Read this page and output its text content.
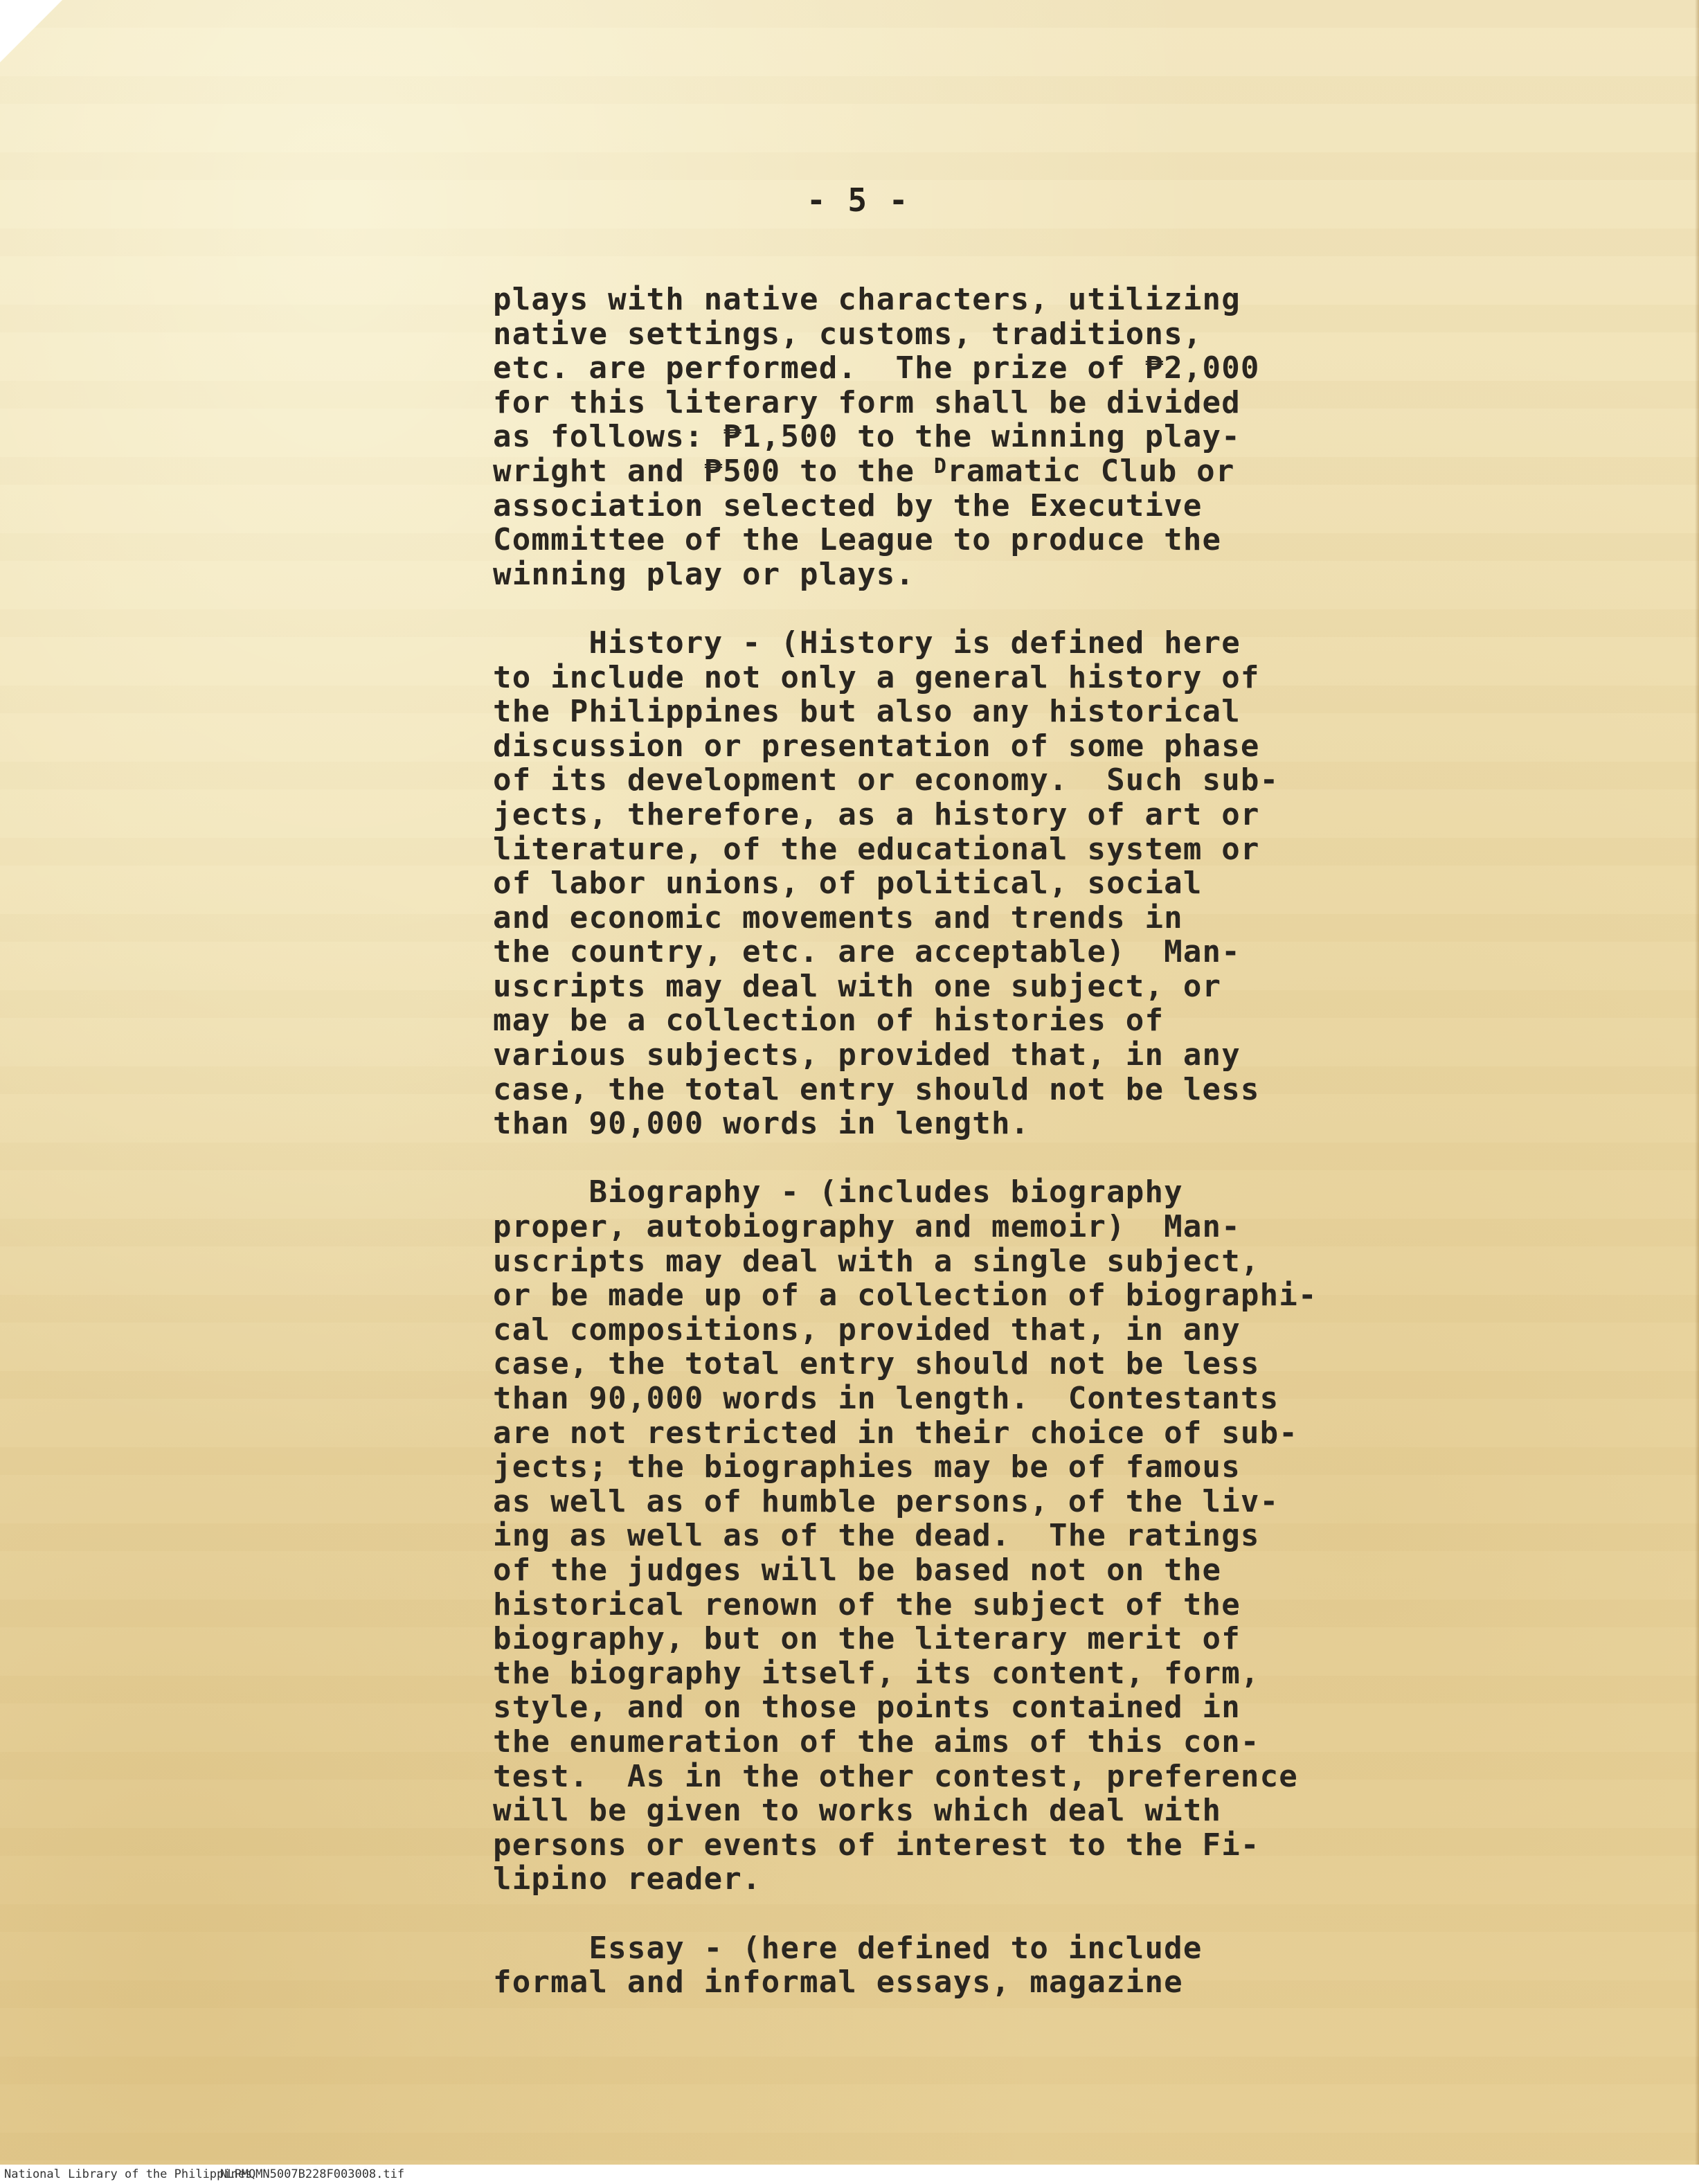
- 5 -
plays with native characters, utilizing
native settings, customs, traditions,
etc. are performed.  The prize of ₱2,000
for this literary form shall be divided
as follows: ₱1,500 to the winning play-
wright and ₱500 to the $^D$ramatic Club or
association selected by the Executive
Committee of the League to produce the
winning play or plays.
History - (History is defined here
to include not only a general history of
the Philippines but also any historical
discussion or presentation of some phase
of its development or economy.  Such sub-
jects, therefore, as a history of art or
literature, of the educational system or
of labor unions, of political, social
and economic movements and trends in
the country, etc. are acceptable)  Man-
uscripts may deal with one subject, or
may be a collection of histories of
various subjects, provided that, in any
case, the total entry should not be less
than 90,000 words in length.
Biography - (includes biography
proper, autobiography and memoir)  Man-
uscripts may deal with a single subject,
or be made up of a collection of biographi-
cal compositions, provided that, in any
case, the total entry should not be less
than 90,000 words in length.  Contestants
are not restricted in their choice of sub-
jects; the biographies may be of famous
as well as of humble persons, of the liv-
ing as well as of the dead.  The ratings
of the judges will be based not on the
historical renown of the subject of the
biography, but on the literary merit of
the biography itself, its content, form,
style, and on those points contained in
the enumeration of the aims of this con-
test.  As in the other contest, preference
will be given to works which deal with
persons or events of interest to the Fi-
lipino reader.
Essay - (here defined to include
formal and informal essays, magazine
National Library of the Philippines
NLPMQMN5007B228F003008.tif
